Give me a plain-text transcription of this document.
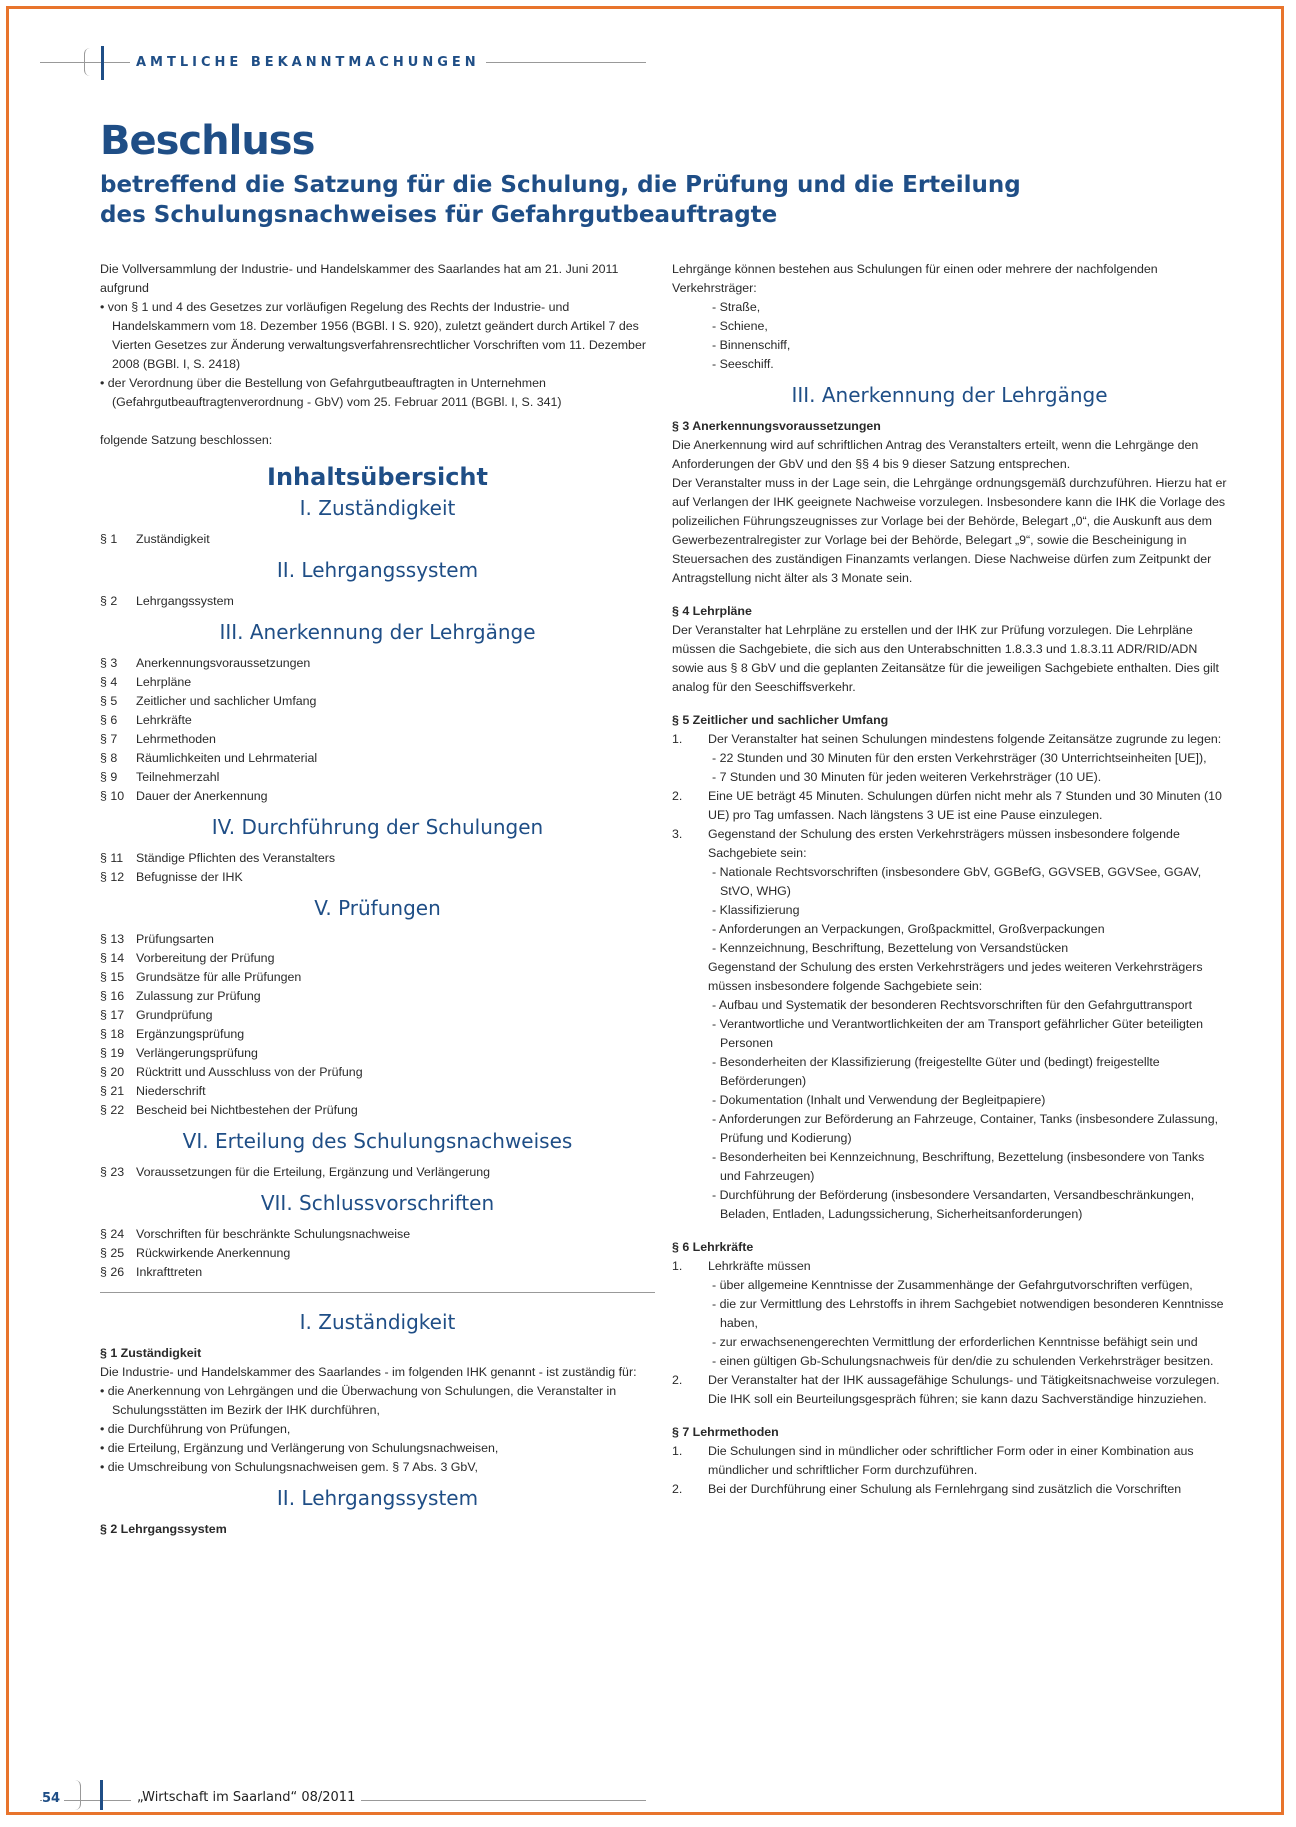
AMTLICHE BEKANNTMACHUNGEN
Beschluss
betreffend die Satzung für die Schulung, die Prüfung und die Erteilung
des Schulungsnachweises für Gefahrgutbeauftragte

Die Vollversammlung der Industrie- und Handelskammer des Saarlandes hat am 21. Juni 2011 aufgrund

• von § 1 und 4 des Gesetzes zur vorläufigen Regelung des Rechts der Industrie- und Handelskammern vom 18. Dezember 1956 (BGBl. I S. 920), zuletzt geändert durch Artikel 7 des Vierten Gesetzes zur Änderung verwaltungsverfahrensrechtlicher Vorschriften vom 11. Dezember 2008 (BGBl. I, S. 2418)

• der Verordnung über die Bestellung von Gefahrgutbeauftragten in Unternehmen (Gefahrgutbeauftragtenverordnung - GbV) vom 25. Februar 2011 (BGBl. I, S. 341)

folgende Satzung beschlossen:

Inhaltsübersicht
I. Zuständigkeit
§ 1	Zuständigkeit
II. Lehrgangssystem
§ 2	Lehrgangssystem
III. Anerkennung der Lehrgänge
§ 3	Anerkennungsvoraussetzungen
§ 4	Lehrpläne
§ 5	Zeitlicher und sachlicher Umfang
§ 6	Lehrkräfte
§ 7	Lehrmethoden
§ 8	Räumlichkeiten und Lehrmaterial
§ 9	Teilnehmerzahl
§ 10 Dauer der Anerkennung
IV. Durchführung der Schulungen
§ 11	Ständige Pflichten des Veranstalters
§ 12 Befugnisse der IHK
V. Prüfungen
§ 13 Prüfungsarten
§ 14 Vorbereitung der Prüfung
§ 15 Grundsätze für alle Prüfungen
§ 16 Zulassung zur Prüfung
§ 17 Grundprüfung
§ 18 Ergänzungsprüfung
§ 19 Verlängerungsprüfung
§ 20 Rücktritt und Ausschluss von der Prüfung
§ 21 Niederschrift
§ 22 Bescheid bei Nichtbestehen der Prüfung
VI. Erteilung des Schulungsnachweises
§ 23 Voraussetzungen für die Erteilung, Ergänzung und Verlängerung
VII. Schlussvorschriften
§ 24 Vorschriften für beschränkte Schulungsnachweise
§ 25 Rückwirkende Anerkennung
§ 26 Inkrafttreten
I. Zuständigkeit

§ 1 Zuständigkeit

Die Industrie- und Handelskammer des Saarlandes - im folgenden IHK genannt - ist zuständig für:

• die Anerkennung von Lehrgängen und die Überwachung von Schulungen, die Veranstalter in Schulungsstätten im Bezirk der IHK durchführen,

• die Durchführung von Prüfungen,

• die Erteilung, Ergänzung und Verlängerung von Schulungsnachweisen,

• die Umschreibung von Schulungsnachweisen gem. § 7 Abs. 3 GbV,

II. Lehrgangssystem

§ 2 Lehrgangssystem

Lehrgänge können bestehen aus Schulungen für einen oder mehrere der nachfolgenden Verkehrsträger:

- Straße,

- Schiene,

- Binnenschiff,

- Seeschiff.

III. Anerkennung der Lehrgänge

§ 3 Anerkennungsvoraussetzungen

Die Anerkennung wird auf schriftlichen Antrag des Veranstalters erteilt, wenn die Lehrgänge den Anforderungen der GbV und den §§ 4 bis 9 dieser Satzung entsprechen.

Der Veranstalter muss in der Lage sein, die Lehrgänge ordnungsgemäß durchzuführen. Hierzu hat er auf Verlangen der IHK geeignete Nachweise vorzulegen. Insbesondere kann die IHK die Vorlage des polizeilichen Führungszeugnisses zur Vorlage bei der Behörde, Belegart „0“, die Auskunft aus dem Gewerbezentralregister zur Vorlage bei der Behörde, Belegart „9“, sowie die Bescheinigung in Steuersachen des zuständigen Finanzamts verlangen. Diese Nachweise dürfen zum Zeitpunkt der Antragstellung nicht älter als 3 Monate sein.

§ 4 Lehrpläne

Der Veranstalter hat Lehrpläne zu erstellen und der IHK zur Prüfung vorzulegen. Die Lehrpläne müssen die Sachgebiete, die sich aus den Unterabschnitten 1.8.3.3 und 1.8.3.11 ADR/RID/ADN sowie aus § 8 GbV und die geplanten Zeitansätze für die jeweiligen Sachgebiete enthalten. Dies gilt analog für den Seeschiffsverkehr.

§ 5 Zeitlicher und sachlicher Umfang

1.	Der Veranstalter hat seinen Schulungen mindestens folgende Zeitansätze zugrunde zu legen:

- 22 Stunden und 30 Minuten für den ersten Verkehrsträger (30 Unterrichtseinheiten [UE]),

- 7 Stunden und 30 Minuten für jeden weiteren Verkehrsträger (10 UE).

2.	Eine UE beträgt 45 Minuten. Schulungen dürfen nicht mehr als 7 Stunden und 30 Minuten (10 UE) pro Tag umfassen. Nach längstens 3 UE ist eine Pause einzulegen.
3.	Gegenstand der Schulung des ersten Verkehrsträgers müssen insbesondere folgende Sachgebiete sein:

- Nationale Rechtsvorschriften (insbesondere GbV, GGBefG, GGVSEB, GGVSee, GGAV, StVO, WHG)

- Klassifizierung

- Anforderungen an Verpackungen, Großpackmittel, Großverpackungen

- Kennzeichnung, Beschriftung, Bezettelung von Versandstücken

Gegenstand der Schulung des ersten Verkehrsträgers und jedes weiteren Verkehrsträgers müssen insbesondere folgende Sachgebiete sein:

- Aufbau und Systematik der besonderen Rechtsvorschriften für den Gefahrguttransport

- Verantwortliche und Verantwortlichkeiten der am Transport gefährlicher Güter beteiligten Personen

- Besonderheiten der Klassifizierung (freigestellte Güter und (bedingt) freigestellte Beförderungen)

- Dokumentation (Inhalt und Verwendung der Begleitpapiere)

- Anforderungen zur Beförderung an Fahrzeuge, Container, Tanks (insbesondere Zulassung, Prüfung und Kodierung)

- Besonderheiten bei Kennzeichnung, Beschriftung, Bezettelung (insbesondere von Tanks und Fahrzeugen)

- Durchführung der Beförderung (insbesondere Versandarten, Versandbeschränkungen, Beladen, Entladen, Ladungssicherung, Sicherheitsanforderungen)

§ 6 Lehrkräfte

1.	Lehrkräfte müssen

- über allgemeine Kenntnisse der Zusammenhänge der Gefahrgutvorschriften verfügen,

- die zur Vermittlung des Lehrstoffs in ihrem Sachgebiet notwendigen besonderen Kenntnisse haben,

- zur erwachsenengerechten Vermittlung der erforderlichen Kenntnisse befähigt sein und

- einen gültigen Gb-Schulungsnachweis für den/die zu schulenden Verkehrsträger besitzen.

2.	Der Veranstalter hat der IHK aussagefähige Schulungs- und Tätigkeitsnachweise vorzulegen. Die IHK soll ein Beurteilungsgespräch führen; sie kann dazu Sachverständige hinzuziehen.

§ 7 Lehrmethoden

1.	Die Schulungen sind in mündlicher oder schriftlicher Form oder in einer Kombination aus mündlicher und schriftlicher Form durchzuführen.
2.	Bei der Durchführung einer Schulung als Fernlehrgang sind zusätzlich die Vorschriften
54	„Wirtschaft im Saarland“ 08/2011
